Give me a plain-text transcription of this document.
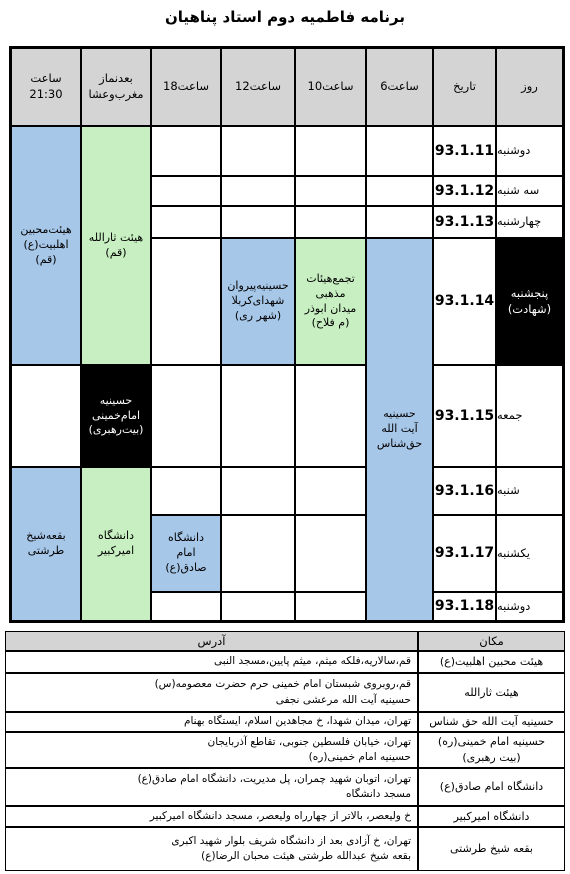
برنامه فاطمیه دوم استاد پناهیان
روز
تاریخ
ساعت6
ساعت10
ساعت12
ساعت18
بعدنماز
مغرب‌وعشا
ساعت
21:30
دوشنبه
93.1.11
سه شنبه
93.1.12
چهارشنبه
93.1.13
پنجشنبه
(شهادت)
93.1.14
جمعه
93.1.15
شنبه
93.1.16
یکشنبه
93.1.17
دوشنبه
93.1.18
حسینیه
آیت الله
حق‌شناس
تجمع‌هیئات
مذهبی
میدان ابوذر
(م فلاح)
حسینیه‌پیروان
شهدای‌کربلا
(شهر ری)
دانشگاه
امام
صادق(ع)
هیئت ثارالله
(قم)
حسینیه
امام‌خمینی
(بیت‌رهبری)
دانشگاه
امیرکبیر
هیئت‌محبین
اهلبیت(ع)
(قم)
بقعه‌شیخ
طرشتی
مکان
آدرس
هیئت محبین اهلبیت(ع)
قم،سالاریه،فلکه میثم، میثم پایین،مسجد النبی
هیئت ثارالله
قم،روبروی شبستان امام خمینی حرم حضرت معصومه(س)
حسینیه آیت الله مرعشی نجفی
حسینیه آیت الله حق شناس
تهران، میدان شهدا، خ مجاهدین اسلام، ایستگاه بهنام
حسینیه امام خمینی(ره)
(بیت رهبری)
تهران، خیابان فلسطین جنوبی، تقاطع آذربایجان
حسینیه امام خمینی(ره)
دانشگاه امام صادق(ع)
تهران، اتوبان شهید چمران، پل مدیریت، دانشگاه امام صادق(ع)
مسجد دانشگاه
دانشگاه امیرکبیر
خ ولیعصر، بالاتر از چهارراه ولیعصر، مسجد دانشگاه امیرکبیر
بقعه شیخ طرشتی
تهران، خ آزادی بعد از دانشگاه شریف بلوار شهید اکبری
بقعه شیخ عبدالله طرشتی هیئت محبان الرضا(ع)
